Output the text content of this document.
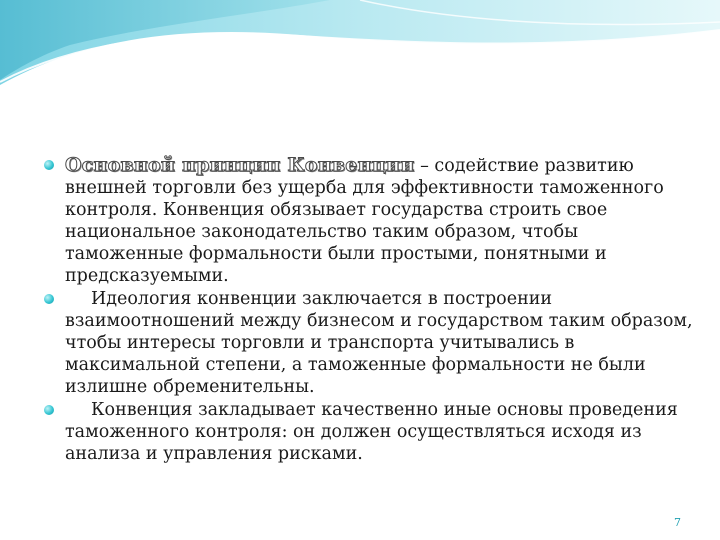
Основной принцип Конвенции – содействие развитию внешней торговли без ущерба для эффективности таможенного контроля. Конвенция обязывает государства строить свое национальное законодательство таким образом, чтобы таможенные формальности были простыми, понятными и предсказуемыми.
Идеология конвенции заключается в построении взаимоотношений между бизнесом и государством таким образом, чтобы интересы торговли и транспорта учитывались в максимальной степени, а таможенные формальности не были излишне обременительны.
Конвенция закладывает качественно иные основы проведения таможенного контроля: он должен осуществляться исходя из анализа и управления рисками.
7
